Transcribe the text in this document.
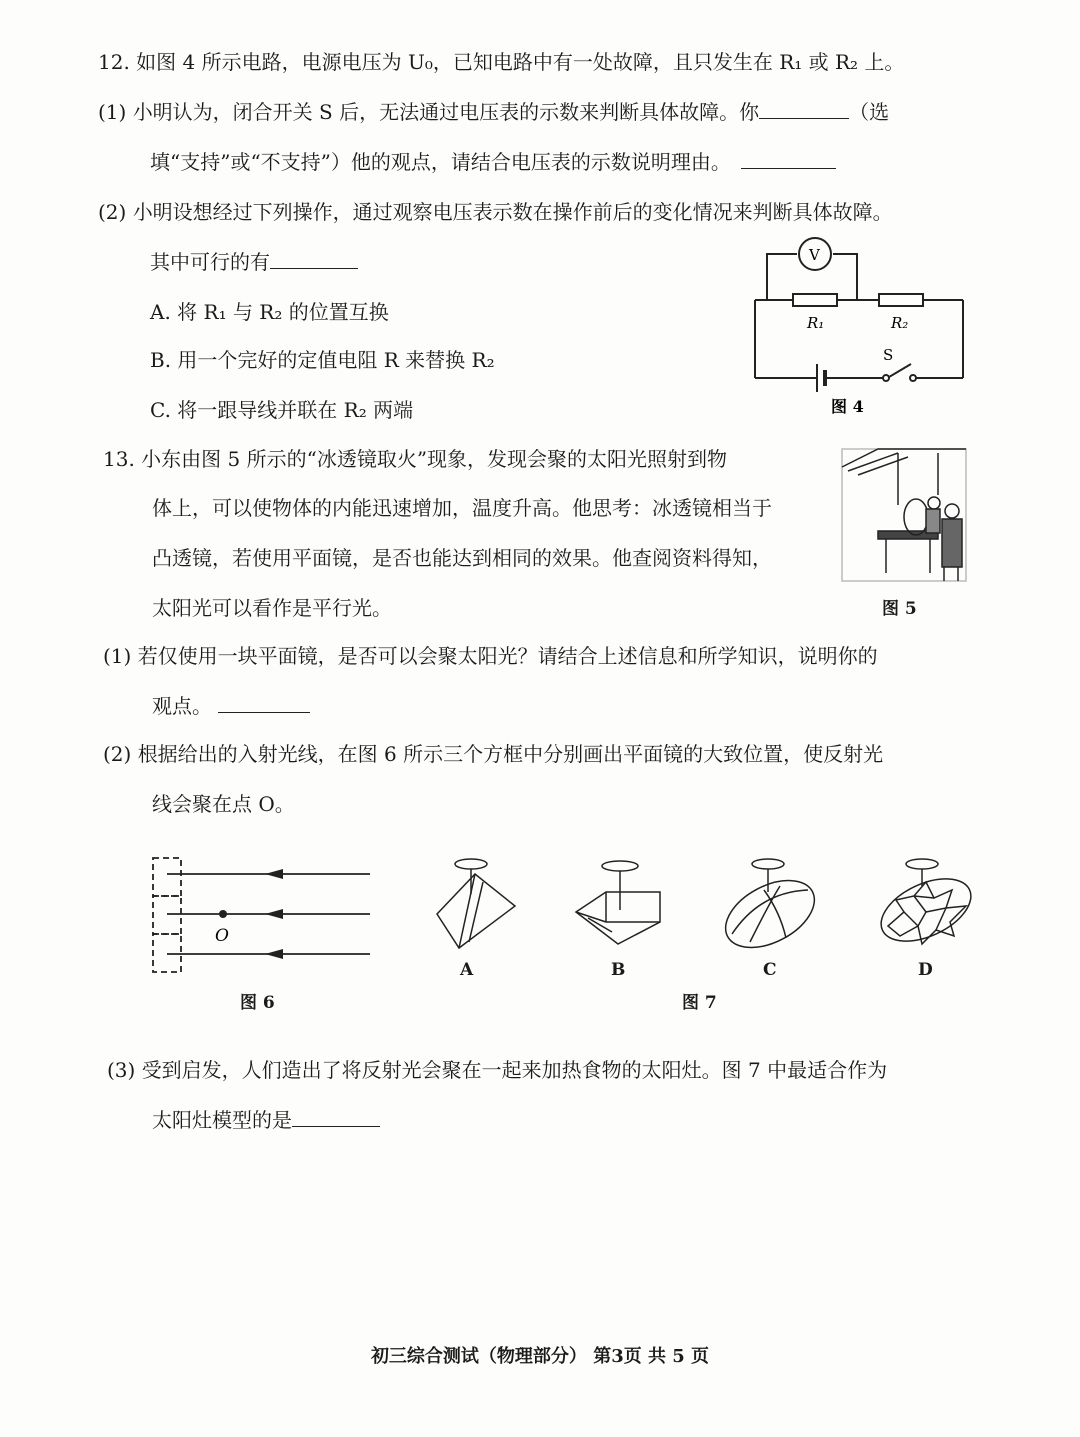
12. 如图 4 所示电路，电源电压为 U₀，已知电路中有一处故障，且只发生在 R₁ 或 R₂ 上。
(1) 小明认为，闭合开关 S 后，无法通过电压表的示数来判断具体故障。你	（选
填“支持”或“不支持”）他的观点，请结合电压表的示数说明理由。
(2) 小明设想经过下列操作，通过观察电压表示数在操作前后的变化情况来判断具体故障。
其中可行的有
A. 将 R₁ 与 R₂ 的位置互换
B. 用一个完好的定值电阻 R 来替换 R₂
C. 将一跟导线并联在 R₂ 两端
V
R₁	R₂
S
图 4
13. 小东由图 5 所示的“冰透镜取火”现象，发现会聚的太阳光照射到物
体上，可以使物体的内能迅速增加，温度升高。他思考：冰透镜相当于
凸透镜，若使用平面镜，是否也能达到相同的效果。他查阅资料得知，
太阳光可以看作是平行光。	图 5
(1) 若仅使用一块平面镜，是否可以会聚太阳光？请结合上述信息和所学知识，说明你的
观点。
(2) 根据给出的入射光线，在图 6 所示三个方框中分别画出平面镜的大致位置，使反射光
线会聚在点 O。
O
图 6
A	B	C	D
图 7
(3) 受到启发，人们造出了将反射光会聚在一起来加热食物的太阳灶。图 7 中最适合作为
太阳灶模型的是
初三综合测试（物理部分） 第3页 共 5 页
